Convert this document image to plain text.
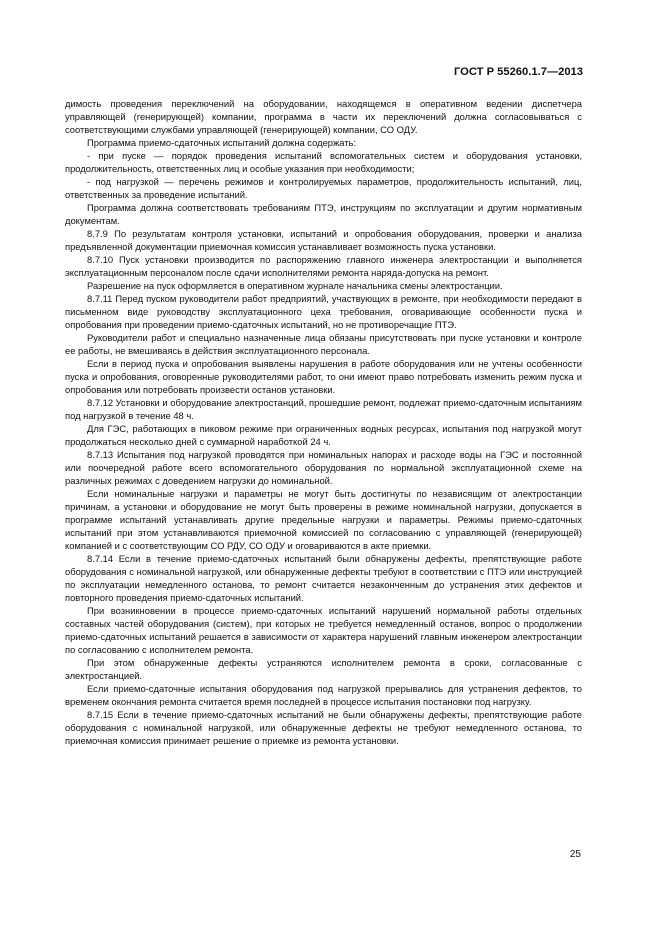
ГОСТ Р 55260.1.7—2013

димость проведения переключений на оборудовании, находящемся в оперативном ведении диспетчера управляющей (генерирующей) компании, программа в части их переключений должна согласовываться с соответствующими службами управляющей (генерирующей) компании, СО ОДУ.

Программа приемо-сдаточных испытаний должна содержать:

- при пуске — порядок проведения испытаний вспомогательных систем и оборудования установки, продолжительность, ответственных лиц и особые указания при необходимости;

- под нагрузкой — перечень режимов и контролируемых параметров, продолжительность испытаний, лиц, ответственных за проведение испытаний.

Программа должна соответствовать требованиям ПТЭ, инструкциям по эксплуатации и другим нормативным документам.

8.7.9 По результатам контроля установки, испытаний и опробования оборудования, проверки и анализа предъявленной документации приемочная комиссия устанавливает возможность пуска установки.

8.7.10 Пуск установки производится по распоряжению главного инженера электростанции и выполняется эксплуатационным персоналом после сдачи исполнителями ремонта наряда-допуска на ремонт.

Разрешение на пуск оформляется в оперативном журнале начальника смены электростанции.

8.7.11 Перед пуском руководители работ предприятий, участвующих в ремонте, при необходимости передают в письменном виде руководству эксплуатационного цеха требования, оговаривающие особенности пуска и опробования при проведении приемо-сдаточных испытаний, но не противоречащие ПТЭ.

Руководители работ и специально назначенные лица обязаны присутствовать при пуске установки и контроле ее работы, не вмешиваясь в действия эксплуатационного персонала.

Если в период пуска и опробования выявлены нарушения в работе оборудования или не учтены особенности пуска и опробования, оговоренные руководителями работ, то они имеют право потребовать изменить режим пуска и опробования или потребовать произвести останов установки.

8.7.12 Установки и оборудование электростанций, прошедшие ремонт, подлежат приемо-сдаточным испытаниям под нагрузкой в течение 48 ч.

Для ГЭС, работающих в пиковом режиме при ограниченных водных ресурсах, испытания под нагрузкой могут продолжаться несколько дней с суммарной наработкой 24 ч.

8.7.13 Испытания под нагрузкой проводятся при номинальных напорах и расходе воды на ГЭС и постоянной или поочередной работе всего вспомогательного оборудования по нормальной эксплуатационной схеме на различных режимах с доведением нагрузки до номинальной.

Если номинальные нагрузки и параметры не могут быть достигнуты по независящим от электростанции причинам, а установки и оборудование не могут быть проверены в режиме номинальной нагрузки, допускается в программе испытаний устанавливать другие предельные нагрузки и параметры. Режимы приемо-сдаточных испытаний при этом устанавливаются приемочной комиссией по согласованию с управляющей (генерирующей) компанией и с соответствующим СО РДУ, СО ОДУ и оговариваются в акте приемки.

8.7.14 Если в течение приемо-сдаточных испытаний были обнаружены дефекты, препятствующие работе оборудования с номинальной нагрузкой, или обнаруженные дефекты требуют в соответствии с ПТЭ или инструкцией по эксплуатации немедленного останова, то ремонт считается незаконченным до устранения этих дефектов и повторного проведения приемо-сдаточных испытаний.

При возникновении в процессе приемо-сдаточных испытаний нарушений нормальной работы отдельных составных частей оборудования (систем), при которых не требуется немедленный останов, вопрос о продолжении приемо-сдаточных испытаний решается в зависимости от характера нарушений главным инженером электростанции по согласованию с исполнителем ремонта.

При этом обнаруженные дефекты устраняются исполнителем ремонта в сроки, согласованные с электростанцией.

Если приемо-сдаточные испытания оборудования под нагрузкой прерывались для устранения дефектов, то временем окончания ремонта считается время последней в процессе испытания постановки под нагрузку.

8.7.15 Если в течение приемо-сдаточных испытаний не были обнаружены дефекты, препятствующие работе оборудования с номинальной нагрузкой, или обнаруженные дефекты не требуют немедленного останова, то приемочная комиссия принимает решение о приемке из ремонта установки.

25
